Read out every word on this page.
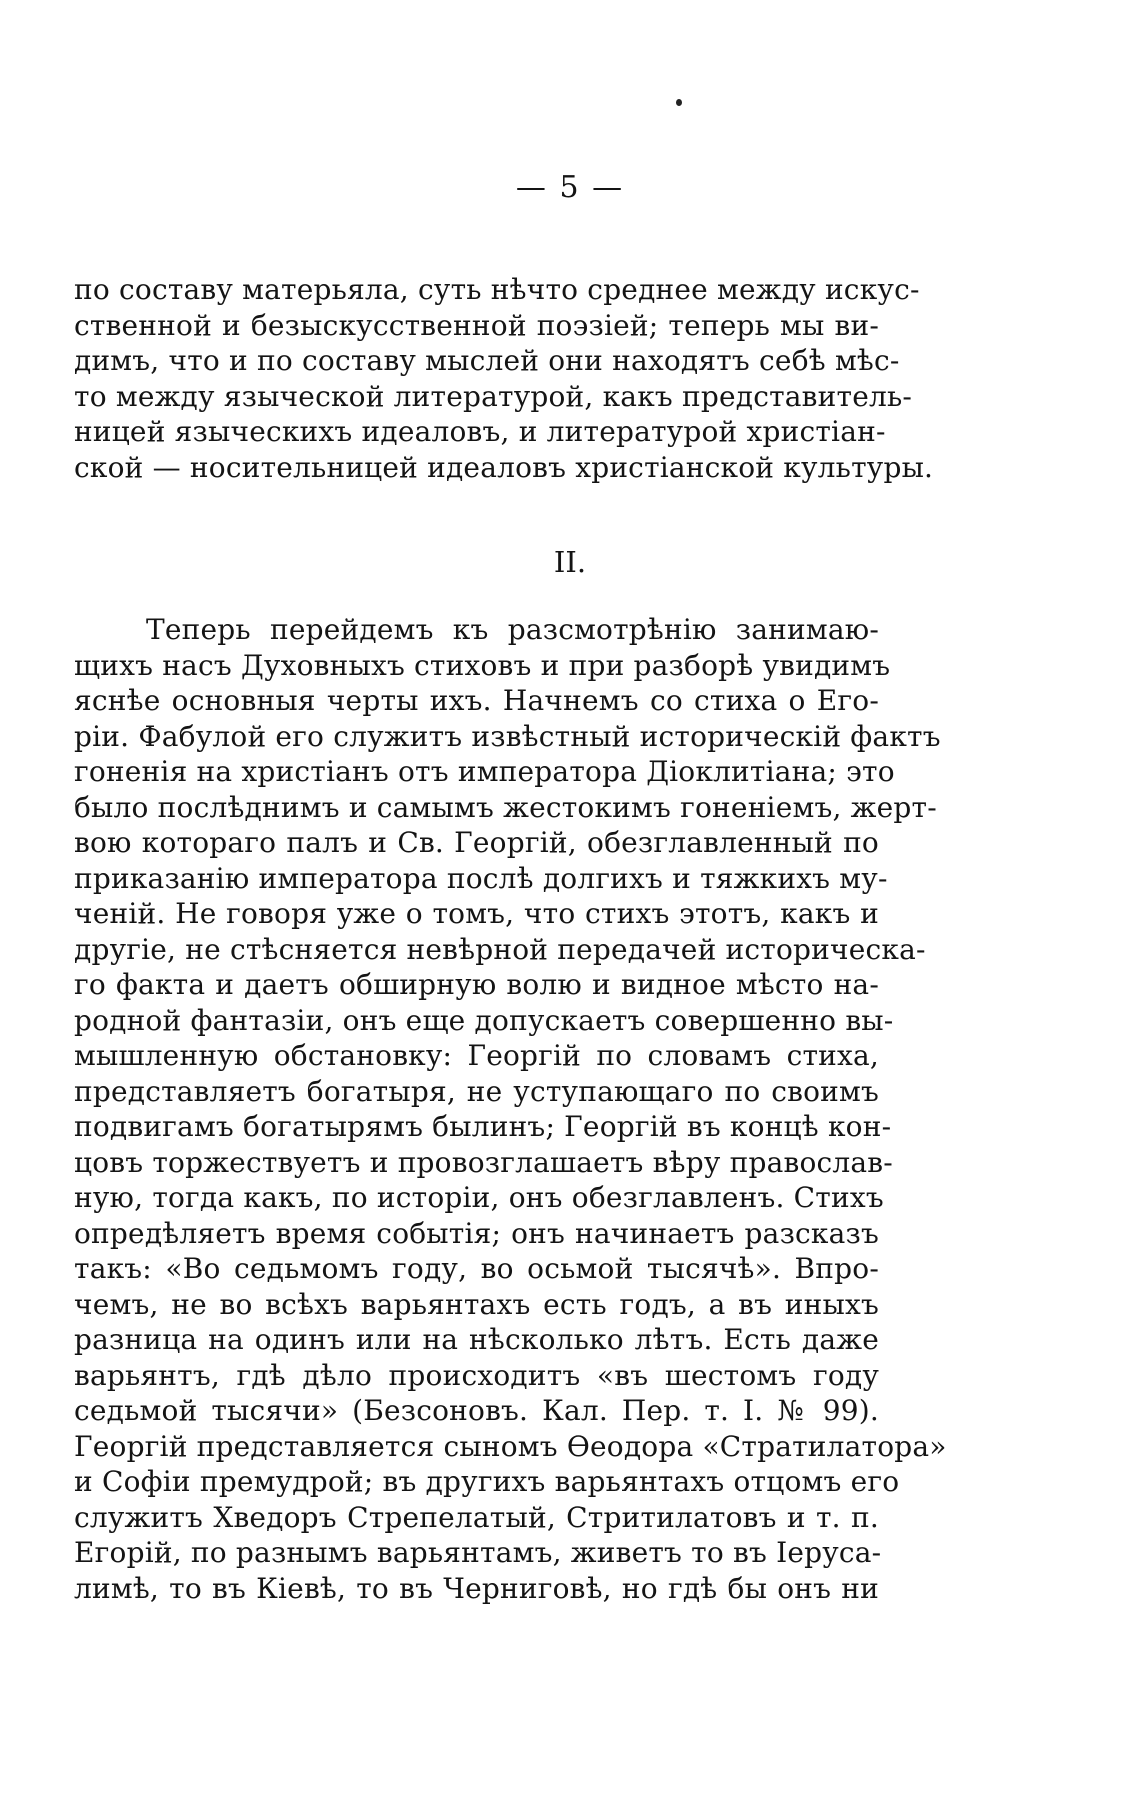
— 5 —
по составу матерьяла, суть нѣчто среднее между искус-
ственной и безыскусственной поэзіей; теперь мы ви-
димъ, что и по составу мыслей они находятъ себѣ мѣс-
то между языческой литературой, какъ представитель-
ницей языческихъ идеаловъ, и литературой христіан-
ской — носительницей идеаловъ христіанской культуры.
II.
Теперь перейдемъ къ разсмотрѣнію занимаю-
щихъ насъ Духовныхъ стиховъ и при разборѣ увидимъ
яснѣе основныя черты ихъ. Начнемъ со стиха о Его-
ріи. Фабулой его служитъ извѣстный историческій фактъ
гоненія на христіанъ отъ императора Діоклитіана; это
было послѣднимъ и самымъ жестокимъ гоненіемъ, жерт-
вою котораго палъ и Св. Георгій, обезглавленный по
приказанію императора послѣ долгихъ и тяжкихъ му-
ченій. Не говоря уже о томъ, что стихъ этотъ, какъ и
другіе, не стѣсняется невѣрной передачей историческа-
го факта и даетъ обширную волю и видное мѣсто на-
родной фантазіи, онъ еще допускаетъ совершенно вы-
мышленную обстановку: Георгій по словамъ стиха,
представляетъ богатыря, не уступающаго по своимъ
подвигамъ богатырямъ былинъ; Георгій въ концѣ кон-
цовъ торжествуетъ и провозглашаетъ вѣру православ-
ную, тогда какъ, по исторіи, онъ обезглавленъ. Стихъ
опредѣляетъ время событія; онъ начинаетъ разсказъ
такъ: «Во седьмомъ году, во осьмой тысячѣ». Впро-
чемъ, не во всѣхъ варьянтахъ есть годъ, а въ иныхъ
разница на одинъ или на нѣсколько лѣтъ. Есть даже
варьянтъ, гдѣ дѣло происходитъ «въ шестомъ году
седьмой тысячи» (Безсоновъ. Кал. Пер. т. I. № 99).
Георгій представляется сыномъ Ѳеодора «Стратилатора»
и Софіи премудрой; въ другихъ варьянтахъ отцомъ его
служитъ Хведоръ Стрепелатый, Стритилатовъ и т. п.
Егорій, по разнымъ варьянтамъ, живетъ то въ Іеруса-
лимѣ, то въ Кіевѣ, то въ Черниговѣ, но гдѣ бы онъ ни
